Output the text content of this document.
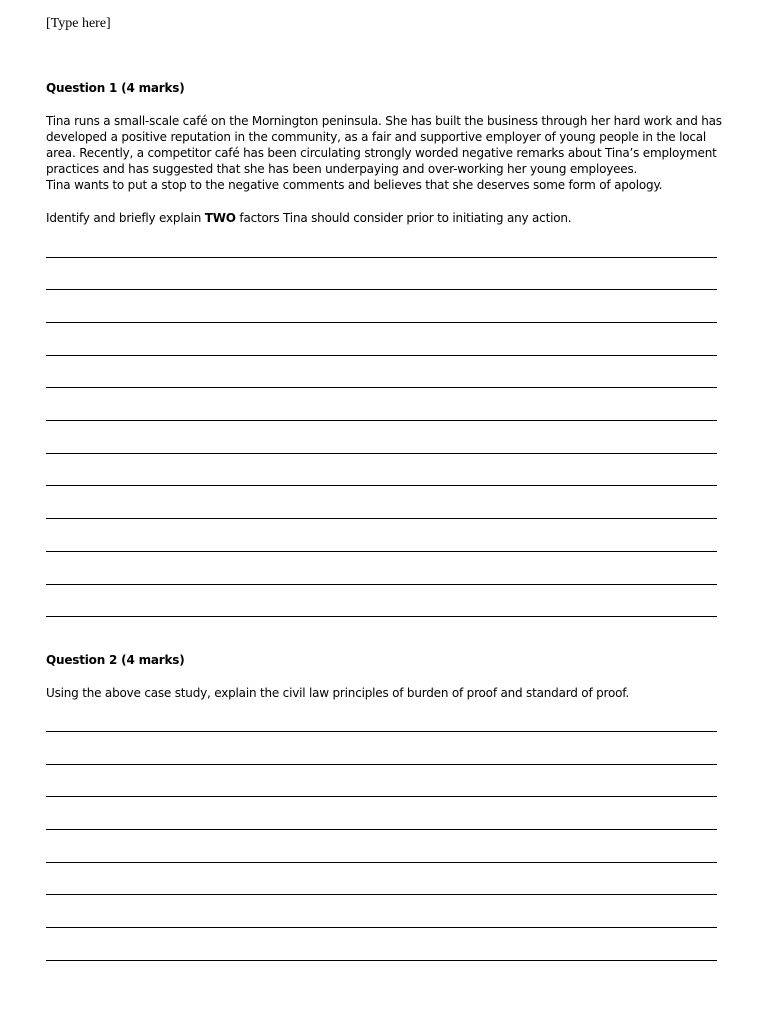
[Type here]
Question 1 (4 marks)

Tina runs a small-scale café on the Mornington peninsula. She has built the business through her hard work and has developed a positive reputation in the community, as a fair and supportive employer of young people in the local area. Recently, a competitor café has been circulating strongly worded negative remarks about Tina’s employment practices and has suggested that she has been underpaying and over-working her young employees.

Tina wants to put a stop to the negative comments and believes that she deserves some form of apology.

Identify and briefly explain TWO factors Tina should consider prior to initiating any action.

Question 2 (4 marks)

Using the above case study, explain the civil law principles of burden of proof and standard of proof.
